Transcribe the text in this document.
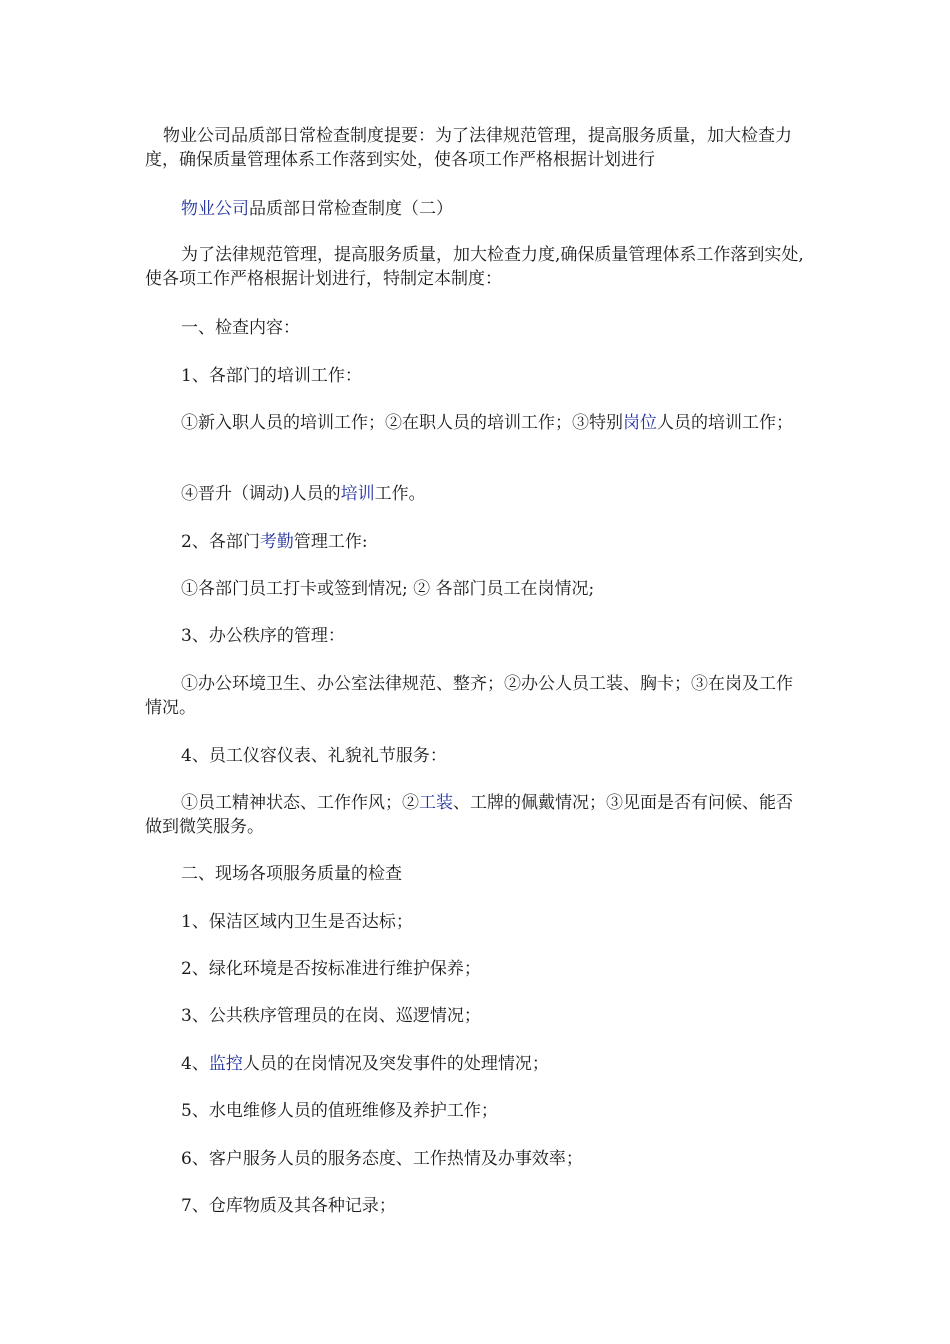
物业公司品质部日常检查制度提要：为了法律规范管理，提高服务质量，加大检查力度，确保质量管理体系工作落到实处，使各项工作严格根据计划进行

物业公司品质部日常检查制度（二）

为了法律规范管理，提高服务质量，加大检查力度,确保质量管理体系工作落到实处,使各项工作严格根据计划进行，特制定本制度：

一、检查内容：

1、各部门的培训工作：

①新入职人员的培训工作；②在职人员的培训工作；③特别岗位人员的培训工作；

④晋升（调动)人员的培训工作。

2、各部门考勤管理工作:

①各部门员工打卡或签到情况; ② 各部门员工在岗情况;

3、办公秩序的管理：

①办公环境卫生、办公室法律规范、整齐；②办公人员工装、胸卡；③在岗及工作情况。

4、员工仪容仪表、礼貌礼节服务：

①员工精神状态、工作作风；②工装、工牌的佩戴情况；③见面是否有问候、能否做到微笑服务。

二、现场各项服务质量的检查

1、保洁区域内卫生是否达标；

2、绿化环境是否按标准进行维护保养；

3、公共秩序管理员的在岗、巡逻情况；

4、监控人员的在岗情况及突发事件的处理情况；

5、水电维修人员的值班维修及养护工作；

6、客户服务人员的服务态度、工作热情及办事效率；

7、仓库物质及其各种记录；
